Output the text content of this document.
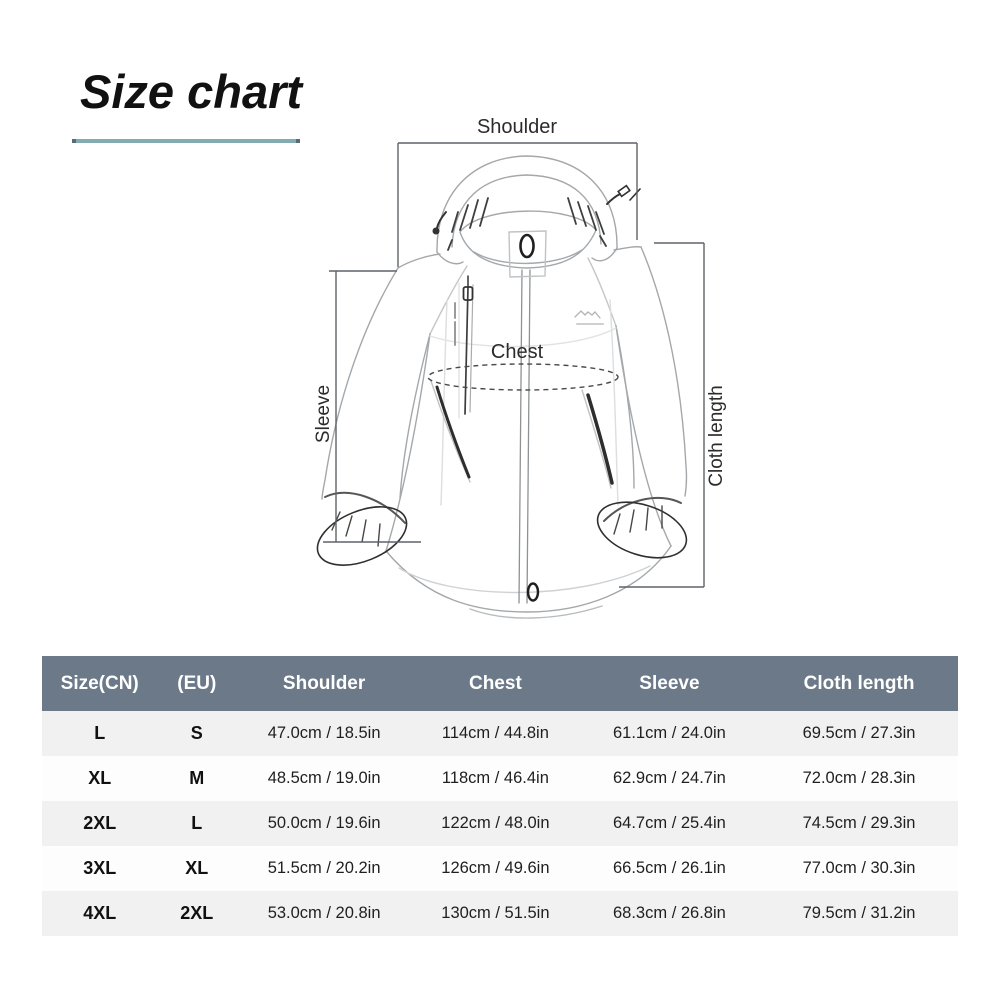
Size chart
Shoulder
Chest
Sleeve	Cloth length
Size(CN)	(EU)	Shoulder	Chest	Sleeve	Cloth length
L	S	47.0cm / 18.5in	114cm / 44.8in	61.1cm / 24.0in	69.5cm / 27.3in
XL	M	48.5cm / 19.0in	118cm / 46.4in	62.9cm / 24.7in	72.0cm / 28.3in
2XL	L	50.0cm / 19.6in	122cm / 48.0in	64.7cm / 25.4in	74.5cm / 29.3in
3XL	XL	51.5cm / 20.2in	126cm / 49.6in	66.5cm / 26.1in	77.0cm / 30.3in
4XL	2XL	53.0cm / 20.8in	130cm / 51.5in	68.3cm / 26.8in	79.5cm / 31.2in
